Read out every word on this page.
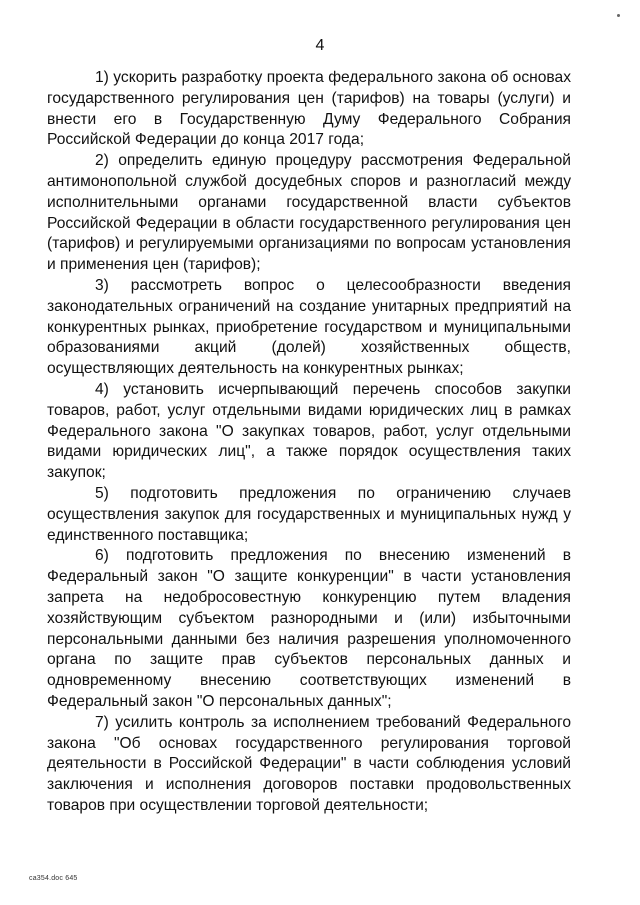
4

1) ускорить разработку проекта федерального закона об основах государственного регулирования цен (тарифов) на товары (услуги) и внести его в Государственную Думу Федерального Собрания Российской Федерации до конца 2017 года;

2) определить единую процедуру рассмотрения Федеральной антимонопольной службой досудебных споров и разногласий между исполнительными органами государственной власти субъектов Российской Федерации в области государственного регулирования цен (тарифов) и регулируемыми организациями по вопросам установления и применения цен (тарифов);

3) рассмотреть вопрос о целесообразности введения законодательных ограничений на создание унитарных предприятий на конкурентных рынках, приобретение государством и муниципальными образованиями акций (долей) хозяйственных обществ, осуществляющих деятельность на конкурентных рынках;

4) установить исчерпывающий перечень способов закупки товаров, работ, услуг отдельными видами юридических лиц в рамках Федерального закона "О закупках товаров, работ, услуг отдельными видами юридических лиц", а также порядок осуществления таких закупок;

5) подготовить предложения по ограничению случаев осуществления закупок для государственных и муниципальных нужд у единственного поставщика;

6) подготовить предложения по внесению изменений в Федеральный закон "О защите конкуренции" в части установления запрета на недобросовестную конкуренцию путем владения хозяйствующим субъектом разнородными и (или) избыточными персональными данными без наличия разрешения уполномоченного органа по защите прав субъектов персональных данных и одновременному внесению соответствующих изменений в Федеральный закон "О персональных данных";

7) усилить контроль за исполнением требований Федерального закона "Об основах государственного регулирования торговой деятельности в Российской Федерации" в части соблюдения условий заключения и исполнения договоров поставки продовольственных товаров при осуществлении торговой деятельности;

ca354.doc 645
